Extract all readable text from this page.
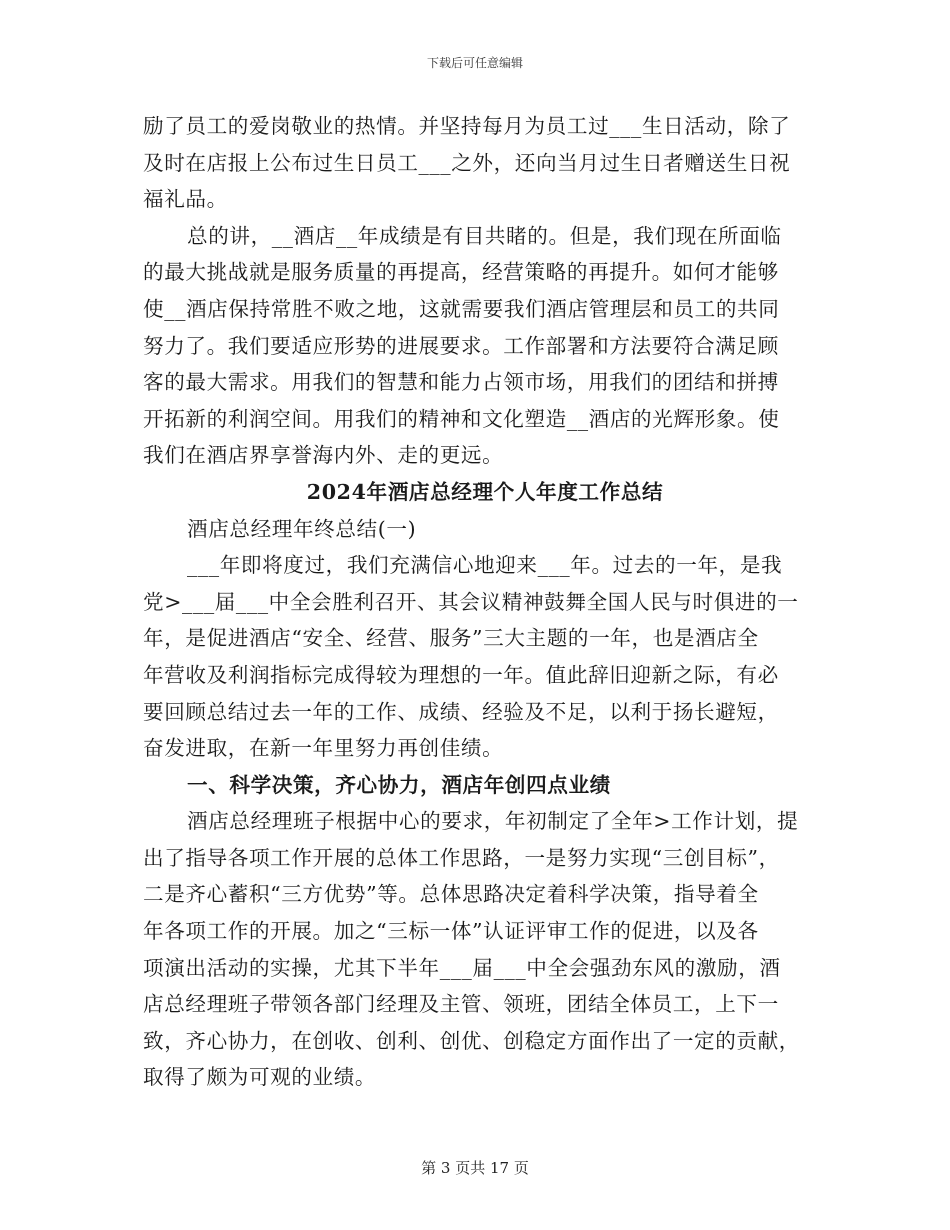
下载后可任意编辑

励了员工的爱岗敬业的热情。并坚持每月为员工过___生日活动，除了

及时在店报上公布过生日员工___之外，还向当月过生日者赠送生日祝

福礼品。

总的讲，__酒店__年成绩是有目共睹的。但是，我们现在所面临

的最大挑战就是服务质量的再提高，经营策略的再提升。如何才能够

使__酒店保持常胜不败之地，这就需要我们酒店管理层和员工的共同

努力了。我们要适应形势的进展要求。工作部署和方法要符合满足顾

客的最大需求。用我们的智慧和能力占领市场，用我们的团结和拼搏

开拓新的利润空间。用我们的精神和文化塑造__酒店的光辉形象。使

我们在酒店界享誉海内外、走的更远。

2024年酒店总经理个人年度工作总结

酒店总经理年终总结(一)

___年即将度过，我们充满信心地迎来___年。过去的一年，是我

党>___届___中全会胜利召开、其会议精神鼓舞全国人民与时俱进的一

年，是促进酒店“安全、经营、服务”三大主题的一年，也是酒店全

年营收及利润指标完成得较为理想的一年。值此辞旧迎新之际，有必

要回顾总结过去一年的工作、成绩、经验及不足，以利于扬长避短，

奋发进取，在新一年里努力再创佳绩。

一、科学决策，齐心协力，酒店年创四点业绩

酒店总经理班子根据中心的要求，年初制定了全年>工作计划，提

出了指导各项工作开展的总体工作思路，一是努力实现“三创目标”，

二是齐心蓄积“三方优势”等。总体思路决定着科学决策，指导着全

年各项工作的开展。加之“三标一体”认证评审工作的促进，以及各

项演出活动的实操，尤其下半年___届___中全会强劲东风的激励，酒

店总经理班子带领各部门经理及主管、领班，团结全体员工，上下一

致，齐心协力，在创收、创利、创优、创稳定方面作出了一定的贡献，

取得了颇为可观的业绩。

第 3 页共 17 页
